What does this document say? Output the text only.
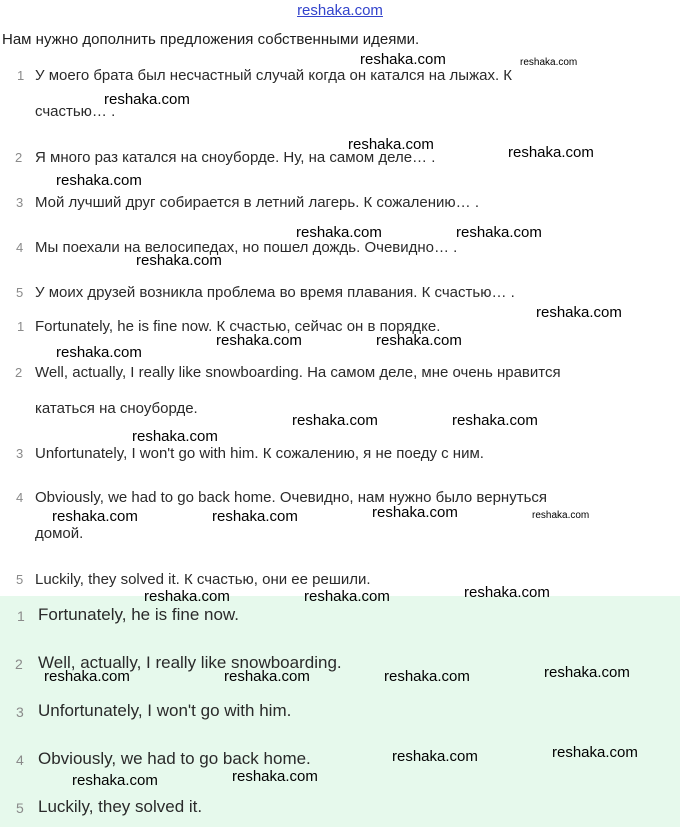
reshaka.com
Нам нужно дополнить предложения собственными идеями.
1 У моего брата был несчастный случай когда он катался на лыжах. К
счастью… .
2 Я много раз катался на сноуборде. Ну, на самом деле… .
3 Мой лучший друг собирается в летний лагерь. К сожалению… .
4 Мы поехали на велосипедах, но пошел дождь. Очевидно… .
5 У моих друзей возникла проблема во время плавания. К счастью… .
1 Fortunately, he is fine now. К счастью, сейчас он в порядке.
2 Well, actually, I really like snowboarding. На самом деле, мне очень нравится
кататься на сноуборде.
3 Unfortunately, I won't go with him. К сожалению, я не поеду с ним.
4 Obviously, we had to go back home. Очевидно, нам нужно было вернуться
домой.
5 Luckily, they solved it. К счастью, они ее решили.
1 Fortunately, he is fine now.
2 Well, actually, I really like snowboarding.
3 Unfortunately, I won't go with him.
4 Obviously, we had to go back home.
5 Luckily, they solved it.
reshaka.com	reshaka.com
reshaka.com
reshaka.com	reshaka.com
reshaka.com
reshaka.com	reshaka.com
reshaka.com
reshaka.com
reshaka.com	reshaka.com
reshaka.com
reshaka.com	reshaka.com
reshaka.com
reshaka.com	reshaka.com
reshaka.com	reshaka.com
reshaka.com
reshaka.com	reshaka.com
reshaka.com
reshaka.com	reshaka.com	reshaka.com
reshaka.com
reshaka.com
reshaka.com
reshaka.com
